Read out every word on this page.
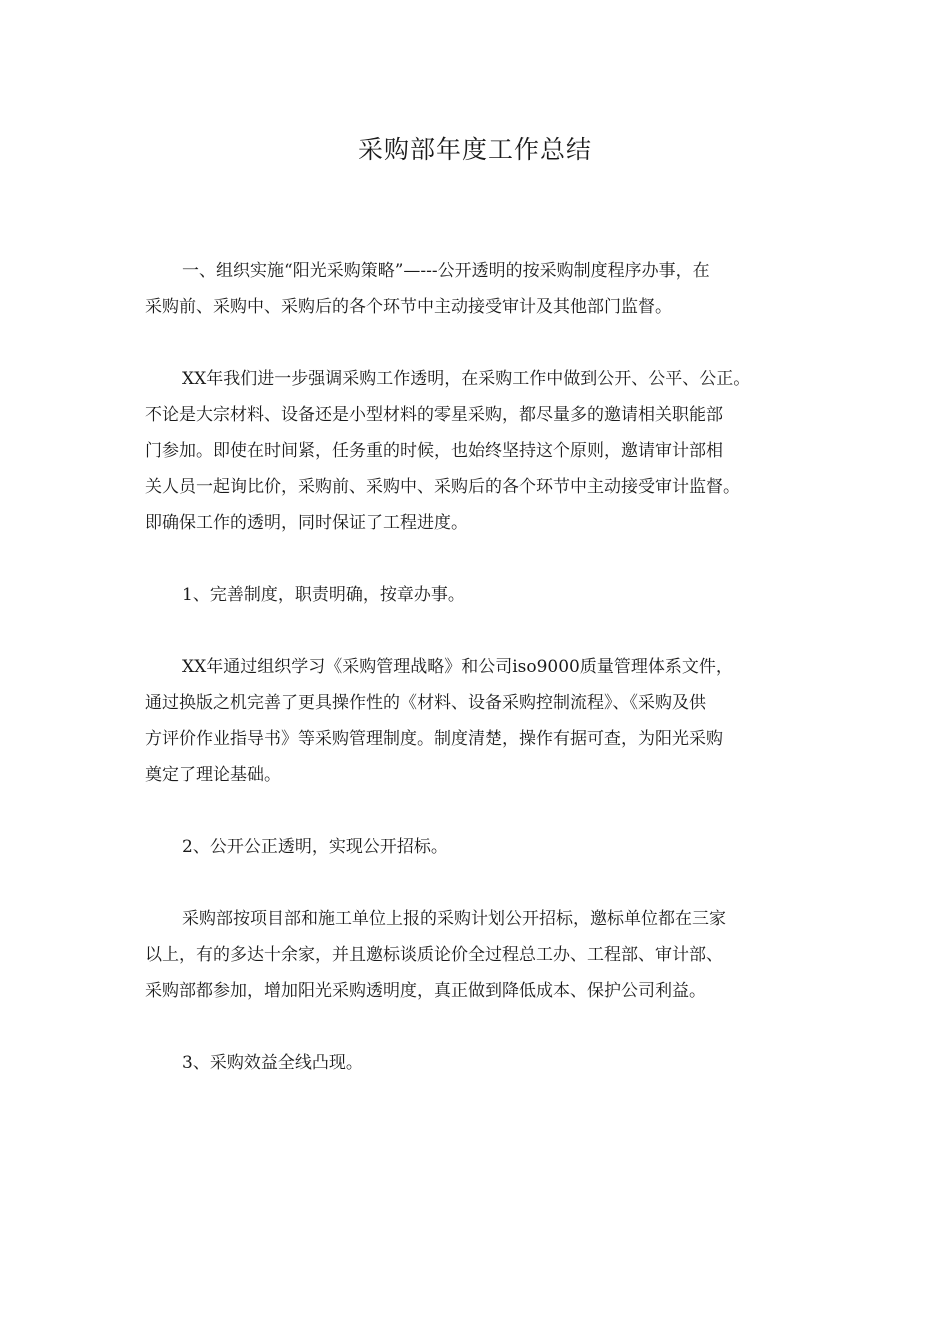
采购部年度工作总结
一、组织实施“阳光采购策略”—---公开透明的按采购制度程序办事，在
采购前、采购中、采购后的各个环节中主动接受审计及其他部门监督。
XX年我们进一步强调采购工作透明，在采购工作中做到公开、公平、公正。
不论是大宗材料、设备还是小型材料的零星采购，都尽量多的邀请相关职能部
门参加。即使在时间紧，任务重的时候，也始终坚持这个原则，邀请审计部相
关人员一起询比价，采购前、采购中、采购后的各个环节中主动接受审计监督。
即确保工作的透明，同时保证了工程进度。
1、完善制度，职责明确，按章办事。
XX年通过组织学习《采购管理战略》和公司iso9000质量管理体系文件，
通过换版之机完善了更具操作性的《材料、设备采购控制流程》、《采购及供
方评价作业指导书》等采购管理制度。制度清楚，操作有据可查，为阳光采购
奠定了理论基础。
2、公开公正透明，实现公开招标。
采购部按项目部和施工单位上报的采购计划公开招标，邀标单位都在三家
以上，有的多达十余家，并且邀标谈质论价全过程总工办、工程部、审计部、
采购部都参加，增加阳光采购透明度，真正做到降低成本、保护公司利益。
3、采购效益全线凸现。
